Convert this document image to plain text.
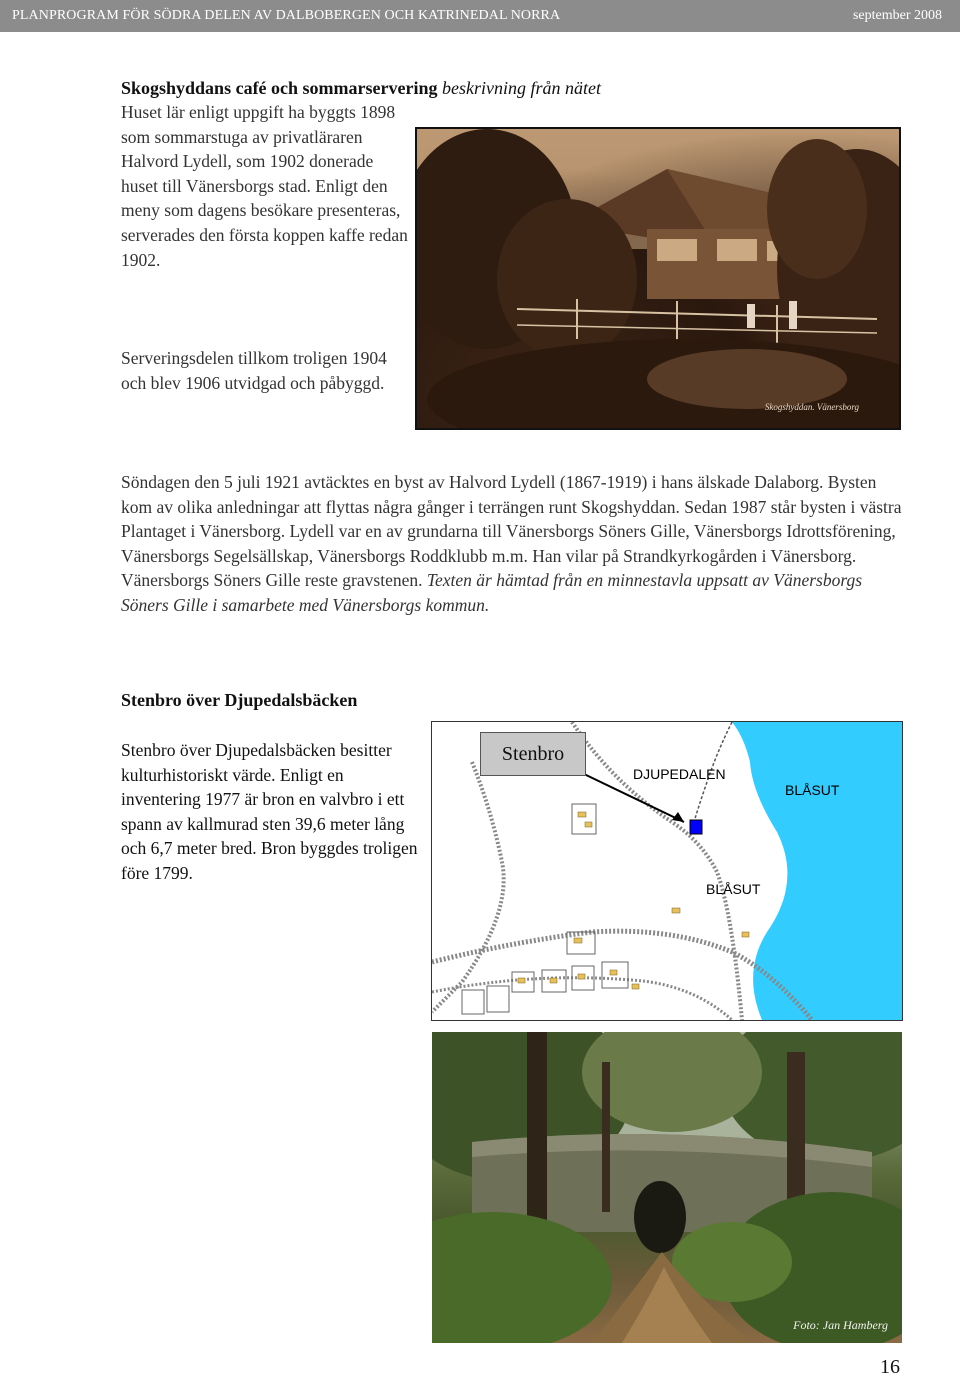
PLANPROGRAM FÖR SÖDRA DELEN AV DALBOBERGEN OCH KATRINEDAL NORRA	september 2008
Skogshyddans café och sommarservering beskrivning från nätet
Huset lär enligt uppgift ha byggts 1898 som sommarstuga av privatläraren Halvord Lydell, som 1902 donerade huset till Vänersborgs stad. Enligt den meny som dagens besökare presenteras, serverades den första koppen kaffe redan 1902.
Serveringsdelen tillkom troligen 1904 och blev 1906 utvidgad och påbyggd.
Skogshyddan. Vänersborg
Söndagen den 5 juli 1921 avtäcktes en byst av Halvord Lydell (1867-1919) i hans älskade Dalaborg. Bysten kom av olika anledningar att flyttas några gånger i terrängen runt Skogshyddan. Sedan 1987 står bysten i västra Plantaget i Vänersborg. Lydell var en av grundarna till Vänersborgs Söners Gille, Vänersborgs Idrottsförening, Vänersborgs Segelsällskap, Vänersborgs Roddklubb m.m. Han vilar på Strandkyrkogården i Vänersborg. Vänersborgs Söners Gille reste gravstenen. Texten är hämtad från en minnestavla uppsatt av Vänersborgs Söners Gille i samarbete med Vänersborgs kommun.
Stenbro över Djupedalsbäcken
Stenbro över Djupedalsbäcken besitter kulturhistoriskt värde. Enligt en inventering 1977 är bron en valvbro i ett spann av kallmurad sten 39,6 meter lång och 6,7 meter bred. Bron byggdes troligen före 1799.
Stenbro
DJUPEDALEN
BLÅSUT
BLÅSUT
Foto: Jan Hamberg
16
